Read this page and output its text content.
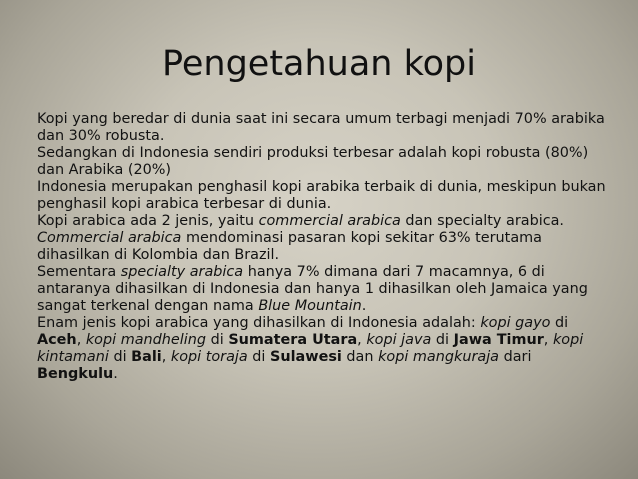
Pengetahuan kopi

Kopi yang beredar di dunia saat ini secara umum terbagi menjadi 70% arabika dan 30% robusta.

Sedangkan di Indonesia sendiri produksi terbesar adalah kopi robusta (80%) dan Arabika (20%)

Indonesia merupakan penghasil kopi arabika terbaik di dunia, meskipun bukan penghasil kopi arabica terbesar di dunia.

Kopi arabica ada 2 jenis, yaitu commercial arabica dan specialty arabica.

Commercial arabica mendominasi pasaran kopi sekitar 63% terutama dihasilkan di Kolombia dan Brazil.

Sementara specialty arabica hanya 7% dimana dari 7 macamnya, 6 di antaranya dihasilkan di Indonesia dan hanya 1 dihasilkan oleh Jamaica yang sangat terkenal dengan nama Blue Mountain.

Enam jenis kopi arabica yang dihasilkan di Indonesia adalah: kopi gayo di Aceh, kopi mandheling di Sumatera Utara, kopi java di Jawa Timur, kopi kintamani di Bali, kopi toraja di Sulawesi dan kopi mangkuraja dari Bengkulu.
